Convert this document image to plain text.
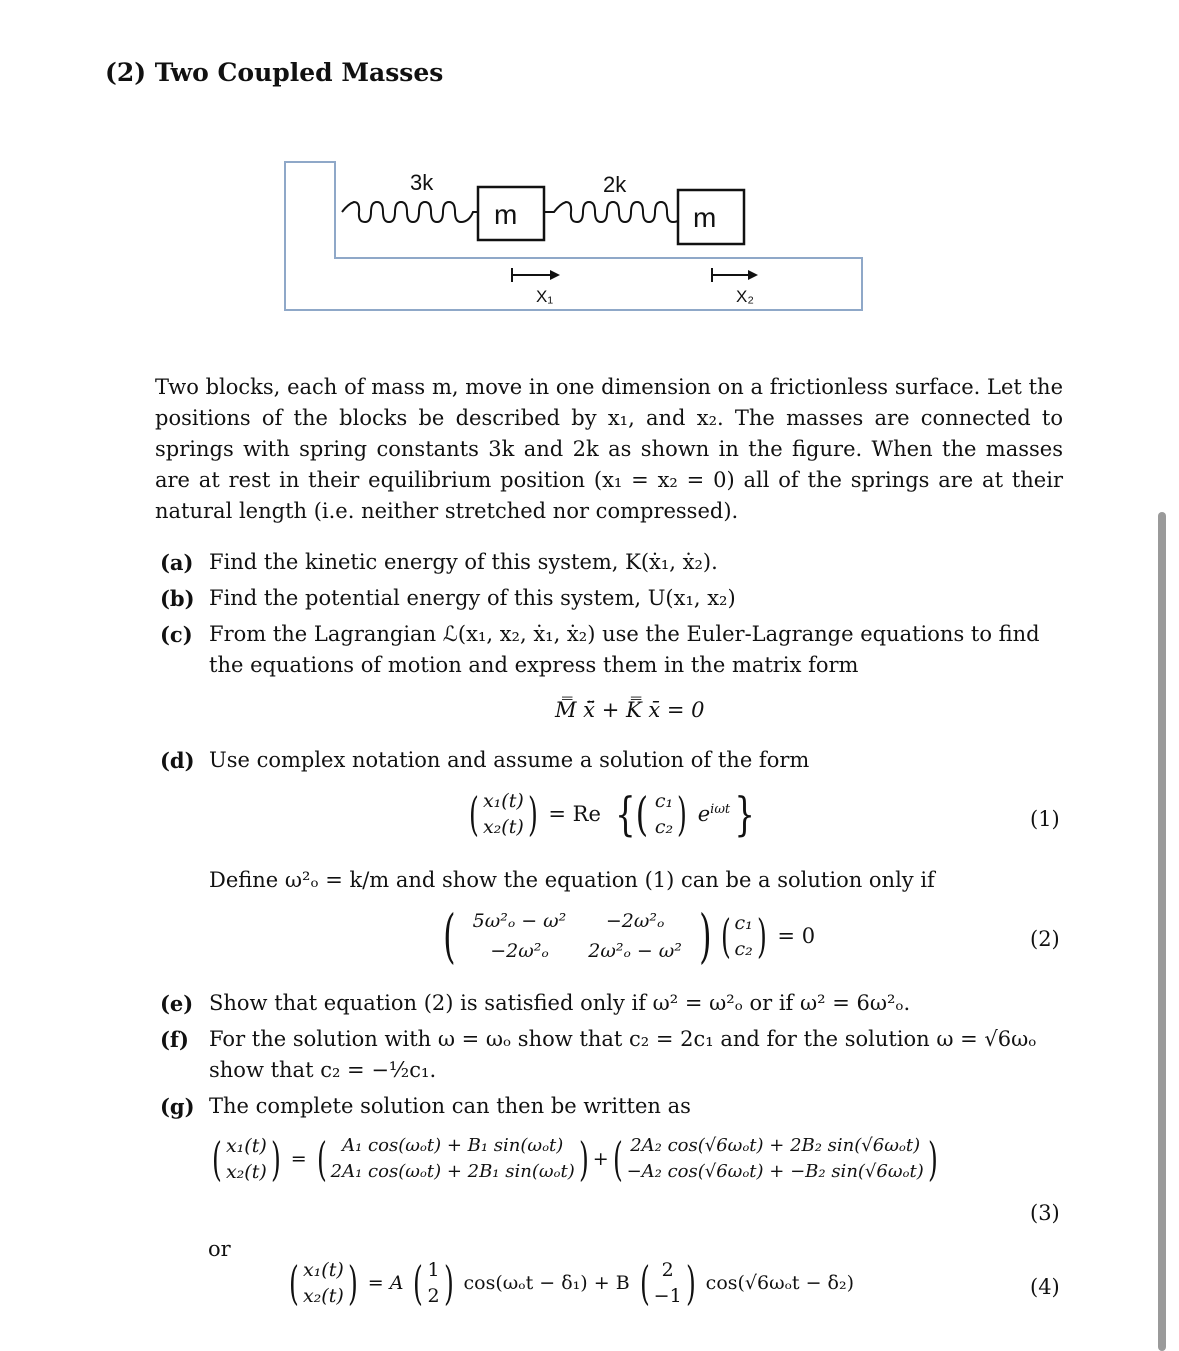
(2) Two Coupled Masses
3k
m
2k
m
X₁	X₂
Two blocks, each of mass m, move in one dimension on a frictionless surface. Let the positions of the blocks be described by x₁, and x₂. The masses are connected to springs with spring constants 3k and 2k as shown in the figure. When the masses are at rest in their equilibrium position (x₁ = x₂ = 0) all of the springs are at their natural length (i.e. neither stretched nor compressed).
(a) Find the kinetic energy of this system, K(ẋ₁, ẋ₂).
(b) Find the potential energy of this system, U(x₁, x₂)
(c) From the Lagrangian ℒ(x₁, x₂, ẋ₁, ẋ₂) use the Euler-Lagrange equations to find the equations of motion and express them in the matrix form
M̿ ẍ̄ + K̿ x̄ = 0
(d) Use complex notation and assume a solution of the form
( x₁(t)
x₂(t)) = Re {( c₁
c₂) $e^{i\omega t}$}	(1)
Define ω²ₒ = k/m and show the equation (1) can be a solution only if
( 5ω²ₒ − ω²	−2ω²ₒ
−2ω²ₒ	2ω²ₒ − ω² ) ( c₁
c₂) = 0	(2)
(e) Show that equation (2) is satisfied only if ω² = ω²ₒ or if ω² = 6ω²ₒ.
(f) For the solution with ω = ωₒ show that c₂ = 2c₁ and for the solution ω = √6ωₒ show that c₂ = −½c₁.
(g) The complete solution can then be written as
( x₁(t)
x₂(t)) = ( A₁ cos(ωₒt) + B₁ sin(ωₒt)
2A₁ cos(ωₒt) + 2B₁ sin(ωₒt)) +( 2A₂ cos(√6ωₒt) + 2B₂ sin(√6ωₒt)
−A₂ cos(√6ωₒt) + −B₂ sin(√6ωₒt))
(3)
or
( x₁(t)
x₂(t)) = A ( 1
2) cos(ωₒt − δ₁) + B ( 2
−1) cos(√6ωₒt − δ₂)	(4)
